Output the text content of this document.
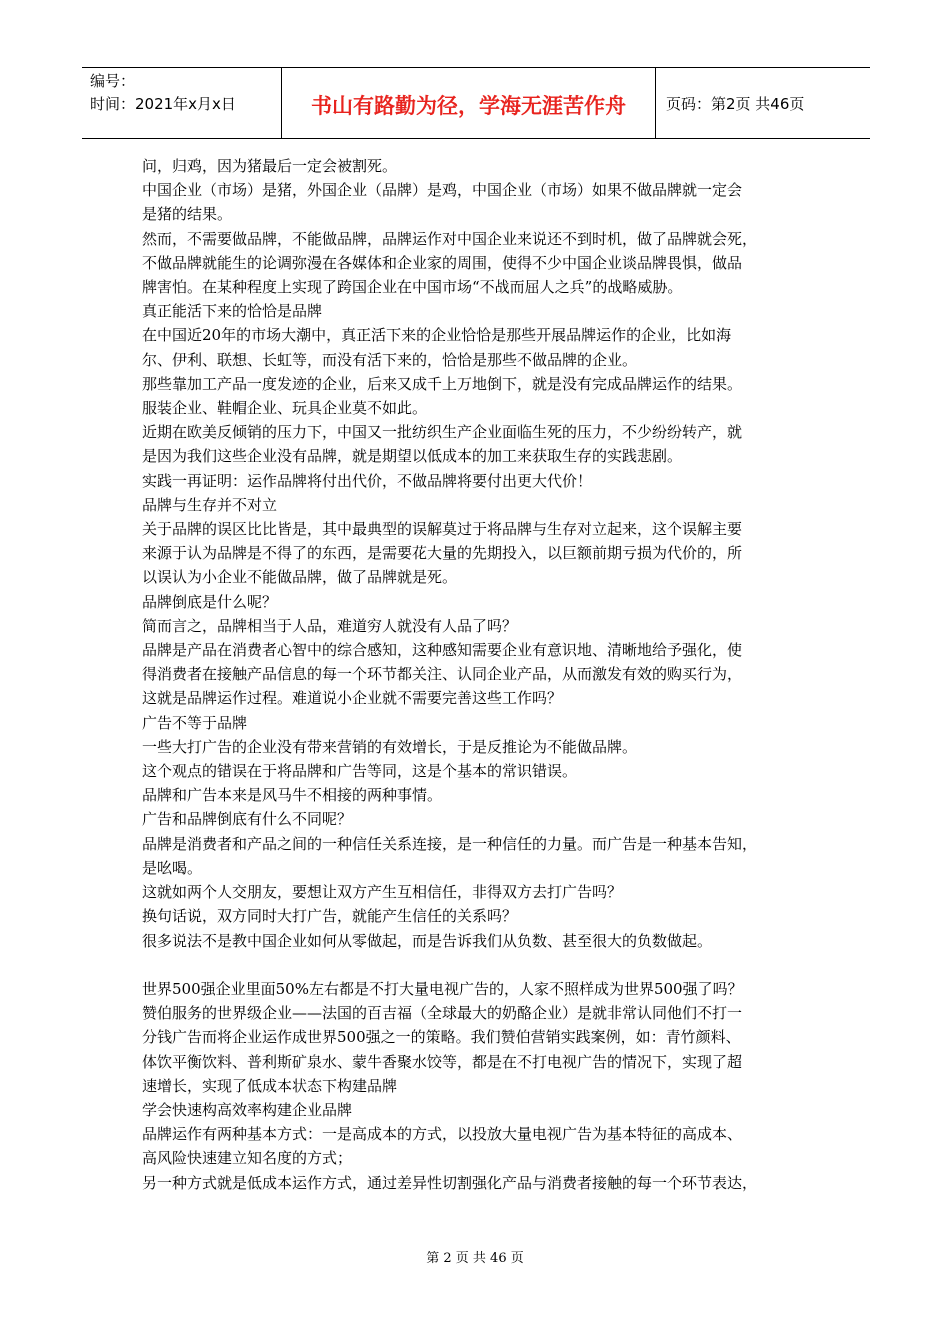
编号：
时间：2021年x月x日	书山有路勤为径，学海无涯苦作舟	页码：第2页 共46页

问，归鸡，因为猪最后一定会被割死。

中国企业（市场）是猪，外国企业（品牌）是鸡，中国企业（市场）如果不做品牌就一定会

是猪的结果。

然而，不需要做品牌，不能做品牌，品牌运作对中国企业来说还不到时机，做了品牌就会死，

不做品牌就能生的论调弥漫在各媒体和企业家的周围，使得不少中国企业谈品牌畏惧，做品

牌害怕。在某种程度上实现了跨国企业在中国市场“不战而屈人之兵”的战略威胁。

真正能活下来的恰恰是品牌

在中国近20年的市场大潮中，真正活下来的企业恰恰是那些开展品牌运作的企业，比如海

尔、伊利、联想、长虹等，而没有活下来的，恰恰是那些不做品牌的企业。

那些靠加工产品一度发迹的企业，后来又成千上万地倒下，就是没有完成品牌运作的结果。

服装企业、鞋帽企业、玩具企业莫不如此。

近期在欧美反倾销的压力下，中国又一批纺织生产企业面临生死的压力，不少纷纷转产，就

是因为我们这些企业没有品牌，就是期望以低成本的加工来获取生存的实践悲剧。

实践一再证明：运作品牌将付出代价，不做品牌将要付出更大代价！

品牌与生存并不对立

关于品牌的误区比比皆是，其中最典型的误解莫过于将品牌与生存对立起来，这个误解主要

来源于认为品牌是不得了的东西，是需要花大量的先期投入，以巨额前期亏损为代价的，所

以误认为小企业不能做品牌，做了品牌就是死。

品牌倒底是什么呢？

简而言之，品牌相当于人品，难道穷人就没有人品了吗？

品牌是产品在消费者心智中的综合感知，这种感知需要企业有意识地、清晰地给予强化，使

得消费者在接触产品信息的每一个环节都关注、认同企业产品，从而激发有效的购买行为，

这就是品牌运作过程。难道说小企业就不需要完善这些工作吗？

广告不等于品牌

一些大打广告的企业没有带来营销的有效增长，于是反推论为不能做品牌。

这个观点的错误在于将品牌和广告等同，这是个基本的常识错误。

品牌和广告本来是风马牛不相接的两种事情。

广告和品牌倒底有什么不同呢？

品牌是消费者和产品之间的一种信任关系连接，是一种信任的力量。而广告是一种基本告知，

是吆喝。

这就如两个人交朋友，要想让双方产生互相信任，非得双方去打广告吗？

换句话说，双方同时大打广告，就能产生信任的关系吗？

很多说法不是教中国企业如何从零做起，而是告诉我们从负数、甚至很大的负数做起。

世界500强企业里面50%左右都是不打大量电视广告的，人家不照样成为世界500强了吗？

赞伯服务的世界级企业——法国的百吉福（全球最大的奶酪企业）是就非常认同他们不打一

分钱广告而将企业运作成世界500强之一的策略。我们赞伯营销实践案例，如：青竹颜料、

体饮平衡饮料、普利斯矿泉水、蒙牛香聚水饺等，都是在不打电视广告的情况下，实现了超

速增长，实现了低成本状态下构建品牌

学会快速构高效率构建企业品牌

品牌运作有两种基本方式：一是高成本的方式，以投放大量电视广告为基本特征的高成本、

高风险快速建立知名度的方式；

另一种方式就是低成本运作方式，通过差异性切割强化产品与消费者接触的每一个环节表达，

第 2 页 共 46 页
